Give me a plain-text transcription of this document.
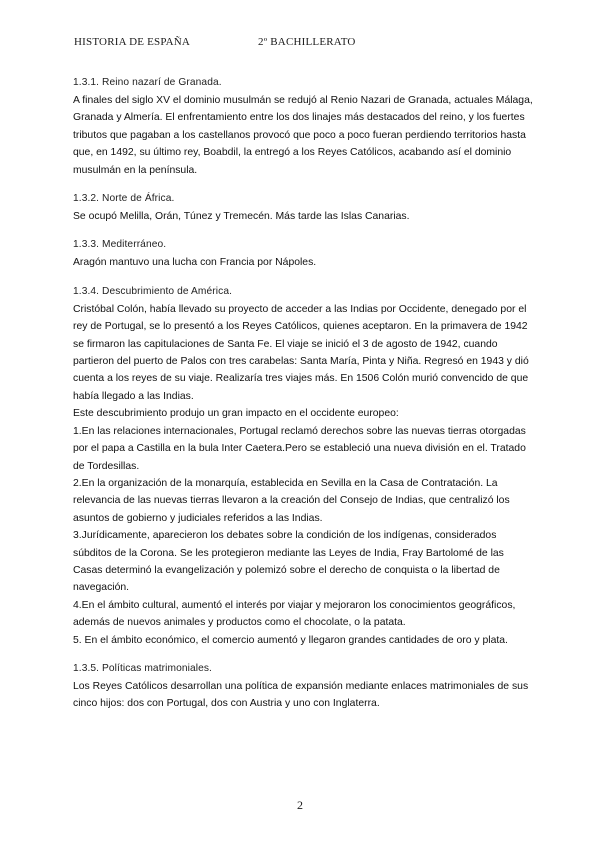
HISTORIA DE ESPAÑA	2º BACHILLERATO
1.3.1. Reino nazarí de Granada.

A finales del siglo XV el dominio musulmán se redujó al Renio Nazari de Granada, actuales Málaga, Granada y Almería. El enfrentamiento entre los dos linajes más destacados del reino, y los fuertes tributos que pagaban a los castellanos provocó que poco a poco fueran perdiendo territorios hasta que, en 1492, su último rey, Boabdil, la entregó a los Reyes Católicos, acabando así el dominio musulmán en la península.

1.3.2. Norte de África.

Se ocupó Melilla, Orán, Túnez y Tremecén. Más tarde las Islas Canarias.

1.3.3. Mediterráneo.

Aragón mantuvo una lucha con Francia por Nápoles.

1.3.4. Descubrimiento de América.

Cristóbal Colón, había llevado su proyecto de acceder a las Indias por Occidente, denegado por el rey de Portugal, se lo presentó a los Reyes Católicos, quienes aceptaron. En la primavera de 1942 se firmaron las capitulaciones de Santa Fe. El viaje se inició el 3 de agosto de 1942, cuando partieron del puerto de Palos con tres carabelas: Santa María, Pinta y Niña. Regresó en 1943 y dió cuenta a los reyes de su viaje. Realizaría tres viajes más. En 1506 Colón murió convencido de que había llegado a las Indias.

Este descubrimiento produjo un gran impacto en el occidente europeo:

1.En las relaciones internacionales, Portugal reclamó derechos sobre las nuevas tierras otorgadas por el papa a Castilla en la bula Inter Caetera.Pero se estableció una nueva división en el. Tratado de Tordesillas.

2.En la organización de la monarquía, establecida en Sevilla en la Casa de Contratación. La relevancia de las nuevas tierras llevaron a la creación del Consejo de Indias, que centralizó los asuntos de gobierno y judiciales referidos a las Indias.

3.Jurídicamente, aparecieron los debates sobre la condición de los indígenas, considerados súbditos de la Corona. Se les protegieron mediante las Leyes de India, Fray Bartolomé de las Casas determinó la evangelización y polemizó sobre el derecho de conquista o la libertad de navegación.

4.En el ámbito cultural, aumentó el interés por viajar y mejoraron los conocimientos geográficos, además de nuevos animales y productos como el chocolate, o la patata.

5. En el ámbito económico, el comercio aumentó y llegaron grandes cantidades de oro y plata.

1.3.5. Políticas matrimoniales.

Los Reyes Católicos desarrollan una política de expansión mediante enlaces matrimoniales de sus cinco hijos: dos con Portugal, dos con Austria y uno con Inglaterra.

2
